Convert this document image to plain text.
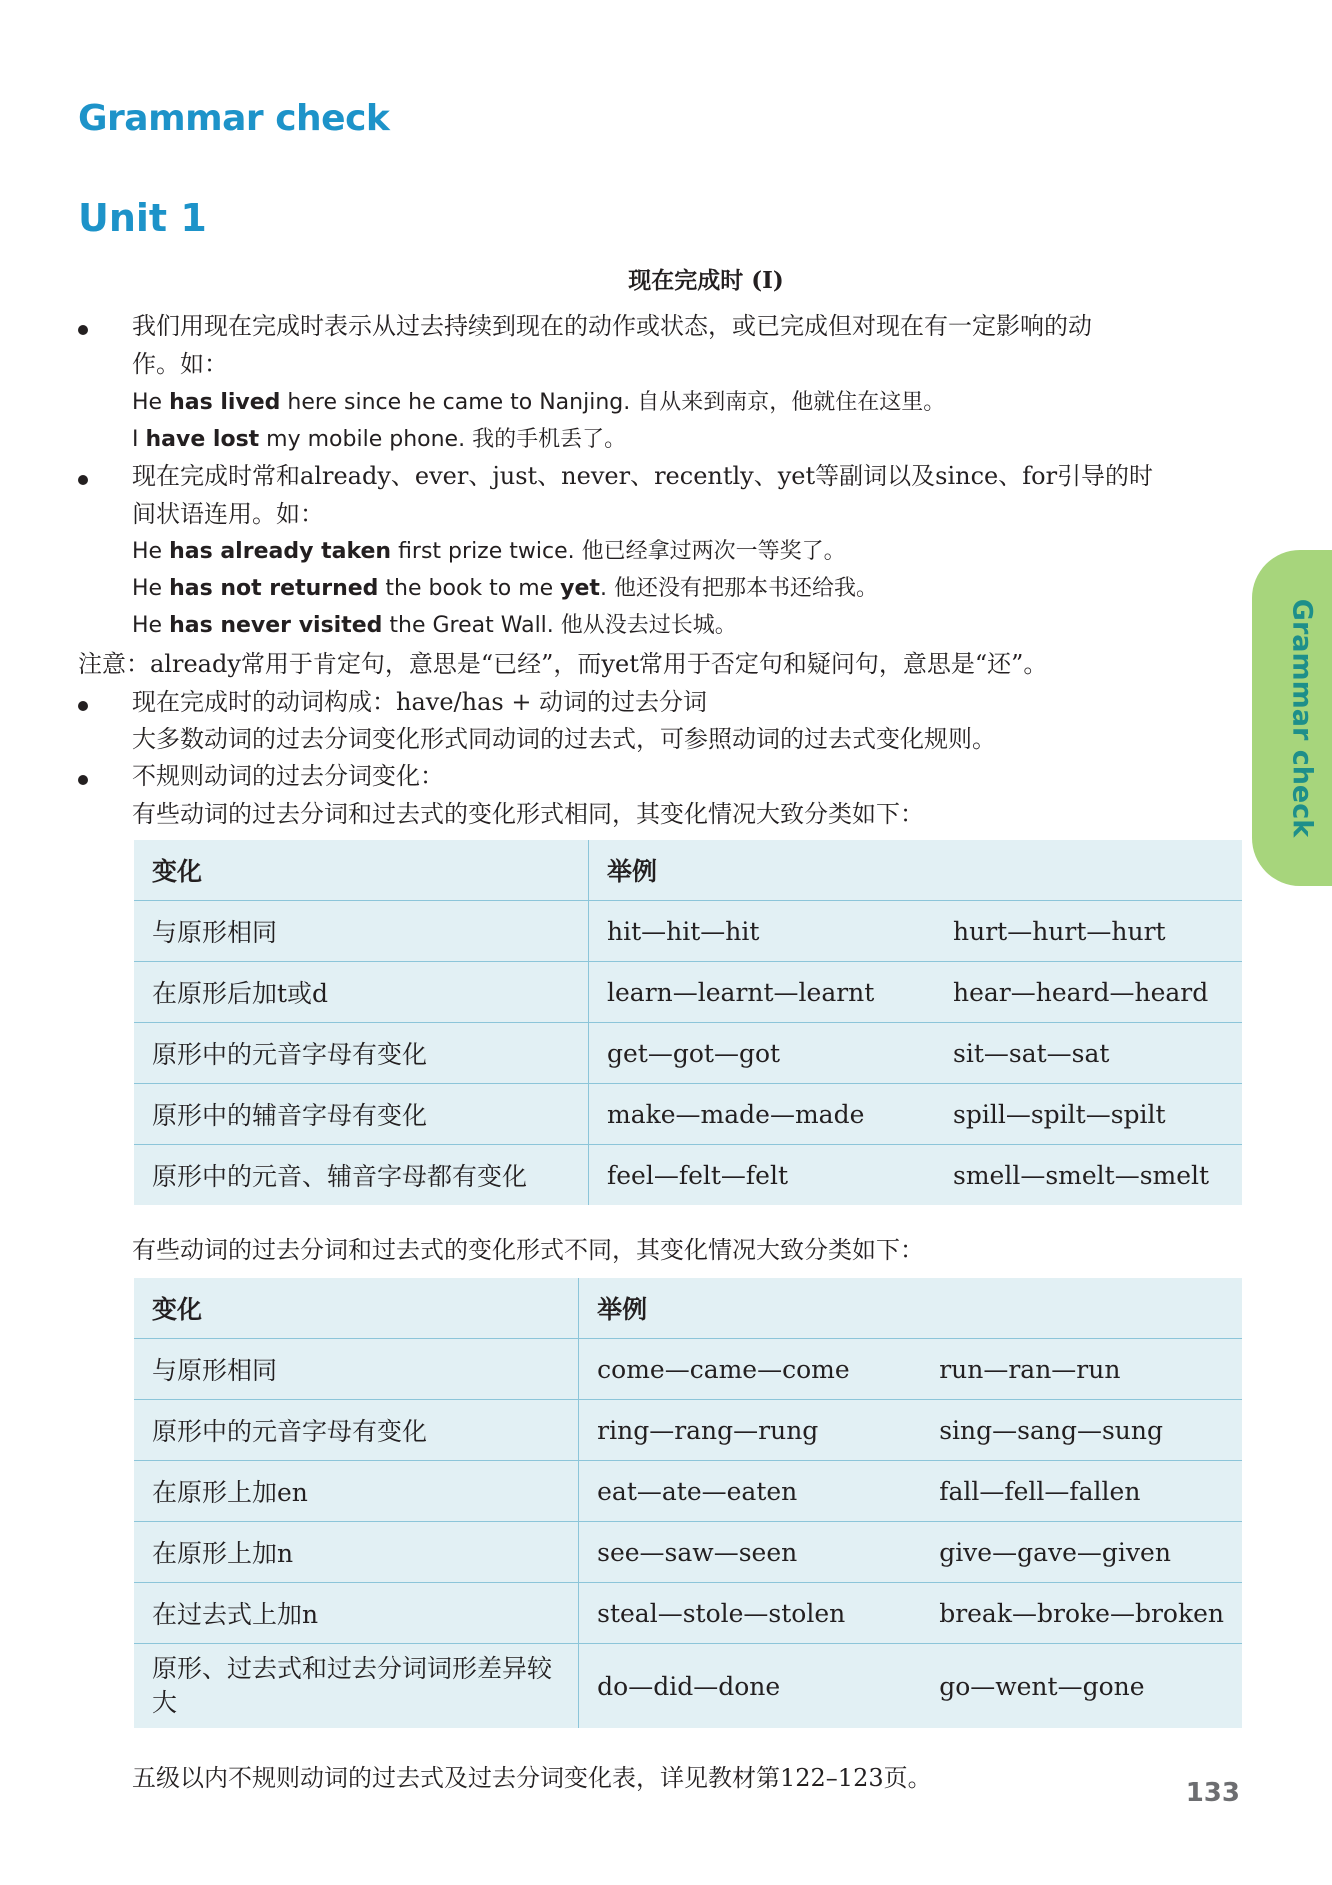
Grammar check
Unit 1
Grammar check
现在完成时 (I)
我们用现在完成时表示从过去持续到现在的动作或状态，或已完成但对现在有一定影响的动
作。如：
He has lived here since he came to Nanjing. 自从来到南京，他就住在这里。
I have lost my mobile phone. 我的手机丢了。
现在完成时常和already、ever、just、never、recently、yet等副词以及since、for引导的时
间状语连用。如：
He has already taken first prize twice. 他已经拿过两次一等奖了。
He has not returned the book to me yet. 他还没有把那本书还给我。
He has never visited the Great Wall. 他从没去过长城。
注意：already常用于肯定句，意思是“已经”，而yet常用于否定句和疑问句，意思是“还”。
现在完成时的动词构成：have/has + 动词的过去分词
大多数动词的过去分词变化形式同动词的过去式，可参照动词的过去式变化规则。
不规则动词的过去分词变化：
有些动词的过去分词和过去式的变化形式相同，其变化情况大致分类如下：
变化	举例	
与原形相同	hit—hit—hit	hurt—hurt—hurt
在原形后加t或d	learn—learnt—learnt	hear—heard—heard
原形中的元音字母有变化	get—got—got	sit—sat—sat
原形中的辅音字母有变化	make—made—made	spill—spilt—spilt
原形中的元音、辅音字母都有变化	feel—felt—felt	smell—smelt—smelt
有些动词的过去分词和过去式的变化形式不同，其变化情况大致分类如下：
变化	举例	
与原形相同	come—came—come	run—ran—run
原形中的元音字母有变化	ring—rang—rung	sing—sang—sung
在原形上加en	eat—ate—eaten	fall—fell—fallen
在原形上加n	see—saw—seen	give—gave—given
在过去式上加n	steal—stole—stolen	break—broke—broken
原形、过去式和过去分词词形差异较大	do—did—done	go—went—gone
五级以内不规则动词的过去式及过去分词变化表，详见教材第122–123页。	133
